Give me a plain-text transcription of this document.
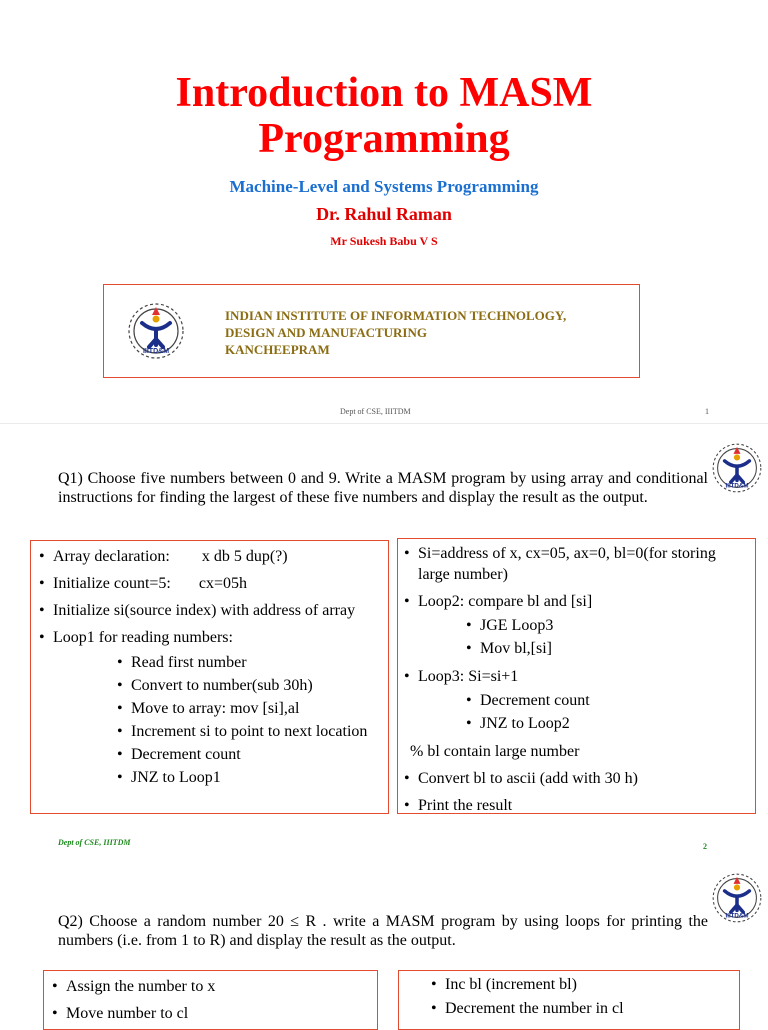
Introduction to MASM
Programming
Machine-Level and Systems Programming
Dr. Rahul Raman
Mr Sukesh Babu V S
IIITD&M
INDIAN INSTITUTE OF INFORMATION TECHNOLOGY,
DESIGN AND MANUFACTURING
KANCHEEPRAM
Dept of CSE, IIITDM	1
IIITD&M
Q1) Choose five numbers between 0 and 9. Write a MASM program by using array and conditional instructions for finding the largest of these five numbers and display the result as the output.
• Array declaration:        x db 5 dup(?)
• Initialize count=5:       cx=05h
• Initialize si(source index) with address of array
• Loop1 for reading numbers:
• Read first number
• Convert to number(sub 30h)
• Move to array: mov [si],al
• Increment si to point to next location
• Decrement count
• JNZ to Loop1
• Si=address of x, cx=05, ax=0, bl=0(for storing large number)
• Loop2: compare bl and [si]
• JGE Loop3
• Mov bl,[si]
• Loop3: Si=si+1
• Decrement count
• JNZ to Loop2
% bl contain large number
• Convert bl to ascii (add with 30 h)
• Print the result
Dept of CSE, IIITDM	2
IIITD&M
Q2) Choose a random number 20 ≤ R . write a MASM program by using loops for printing the numbers (i.e. from 1 to R) and display the result as the output.
• Assign the number to x
• Move number to cl
• Inc bl (increment bl)
• Decrement the number in cl
